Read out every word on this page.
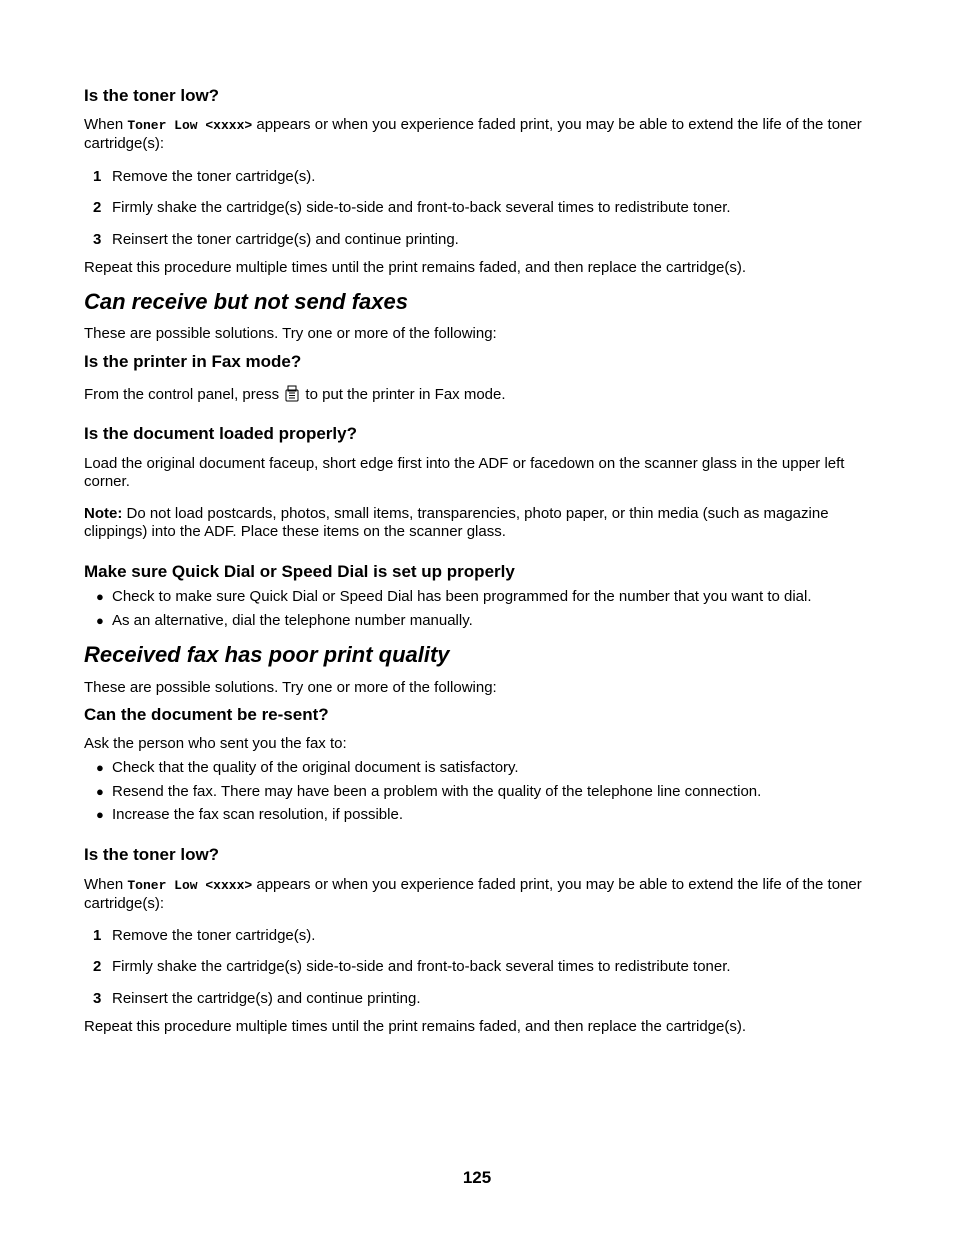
Is the toner low?
When Toner Low <xxxx> appears or when you experience faded print, you may be able to extend the life of the toner cartridge(s):
1 Remove the toner cartridge(s).
2 Firmly shake the cartridge(s) side-to-side and front-to-back several times to redistribute toner.
3 Reinsert the toner cartridge(s) and continue printing.
Repeat this procedure multiple times until the print remains faded, and then replace the cartridge(s).
Can receive but not send faxes
These are possible solutions. Try one or more of the following:
Is the printer in Fax mode?
From the control panel, press  to put the printer in Fax mode.
Is the document loaded properly?
Load the original document faceup, short edge first into the ADF or facedown on the scanner glass in the upper left corner.
Note: Do not load postcards, photos, small items, transparencies, photo paper, or thin media (such as magazine clippings) into the ADF. Place these items on the scanner glass.
Make sure Quick Dial or Speed Dial is set up properly
● Check to make sure Quick Dial or Speed Dial has been programmed for the number that you want to dial.
● As an alternative, dial the telephone number manually.
Received fax has poor print quality
These are possible solutions. Try one or more of the following:
Can the document be re-sent?
Ask the person who sent you the fax to:
● Check that the quality of the original document is satisfactory.
● Resend the fax. There may have been a problem with the quality of the telephone line connection.
● Increase the fax scan resolution, if possible.
Is the toner low?
When Toner Low <xxxx> appears or when you experience faded print, you may be able to extend the life of the toner cartridge(s):
1 Remove the toner cartridge(s).
2 Firmly shake the cartridge(s) side-to-side and front-to-back several times to redistribute toner.
3 Reinsert the cartridge(s) and continue printing.
Repeat this procedure multiple times until the print remains faded, and then replace the cartridge(s).
125
